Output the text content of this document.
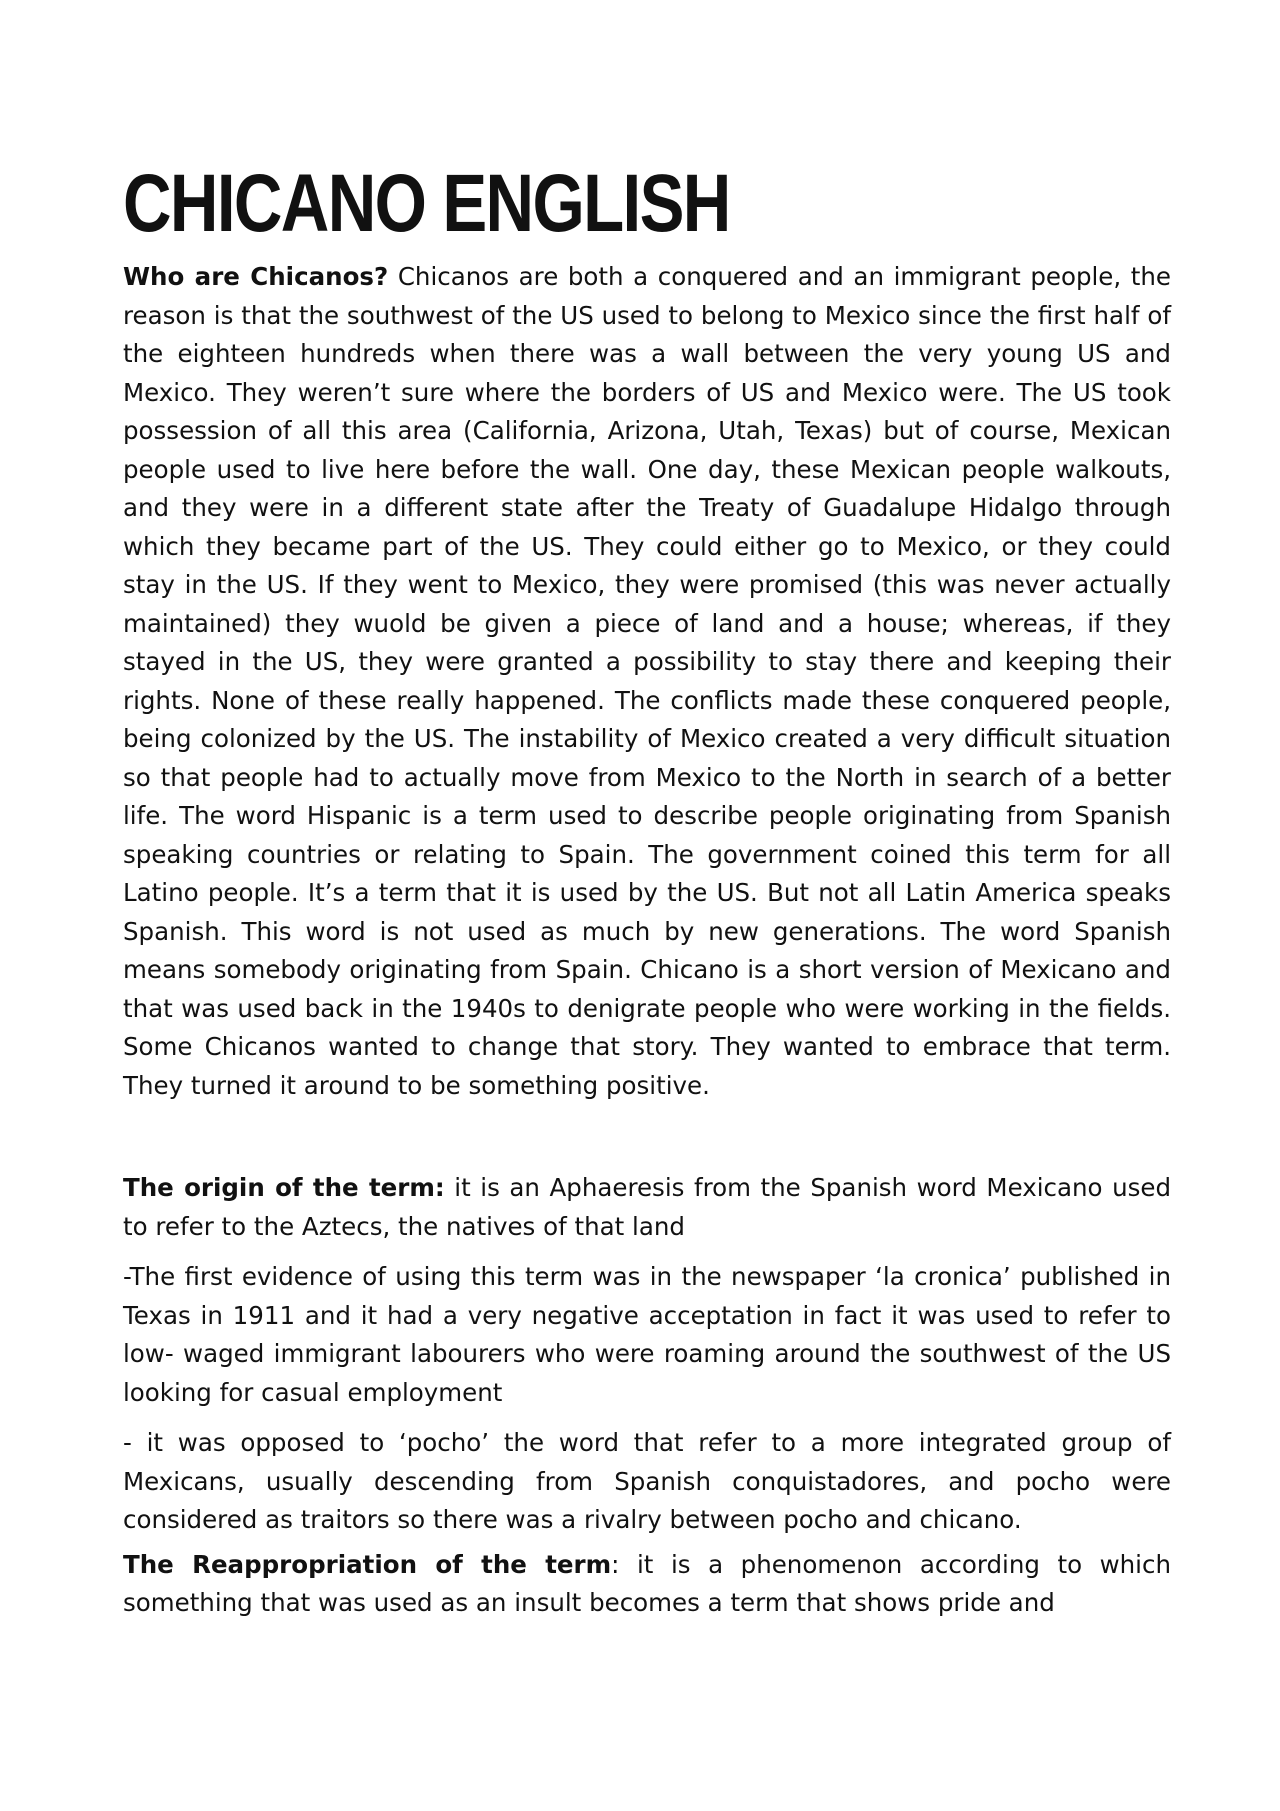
CHICANO ENGLISH

Who are Chicanos? Chicanos are both a conquered and an immigrant people, the reason is that the southwest of the US used to belong to Mexico since the first half of the eighteen hundreds when there was a wall between the very young US and Mexico. They weren’t sure where the borders of US and Mexico were. The US took possession of all this area (California, Arizona, Utah, Texas) but of course, Mexican people used to live here before the wall. One day, these Mexican people walkouts, and they were in a different state after the Treaty of Guadalupe Hidalgo through which they became part of the US. They could either go to Mexico, or they could stay in the US. If they went to Mexico, they were promised (this was never actually maintained) they wuold be given a piece of land and a house; whereas, if they stayed in the US, they were granted a possibility to stay there and keeping their rights. None of these really happened. The conflicts made these conquered people, being colonized by the US. The instability of Mexico created a very difficult situation so that people had to actually move from Mexico to the North in search of a better life. The word Hispanic is a term used to describe people originating from Spanish speaking countries or relating to Spain. The government coined this term for all Latino people. It’s a term that it is used by the US. But not all Latin America speaks Spanish. This word is not used as much by new generations. The word Spanish means somebody originating from Spain. Chicano is a short version of Mexicano and that was used back in the 1940s to denigrate people who were working in the fields. Some Chicanos wanted to change that story. They wanted to embrace that term. They turned it around to be something positive.

The origin of the term: it is an Aphaeresis from the Spanish word Mexicano used to refer to the Aztecs, the natives of that land

-The first evidence of using this term was in the newspaper ‘la cronica’ published in Texas in 1911 and it had a very negative acceptation in fact it was used to refer to low- waged immigrant labourers who were roaming around the southwest of the US looking for casual employment

- it was opposed to ‘pocho’ the word that refer to a more integrated group of Mexicans, usually descending from Spanish conquistadores, and pocho were considered as traitors so there was a rivalry between pocho and chicano.

The Reappropriation of the term: it is a phenomenon according to which something that was used as an insult becomes a term that shows pride and
